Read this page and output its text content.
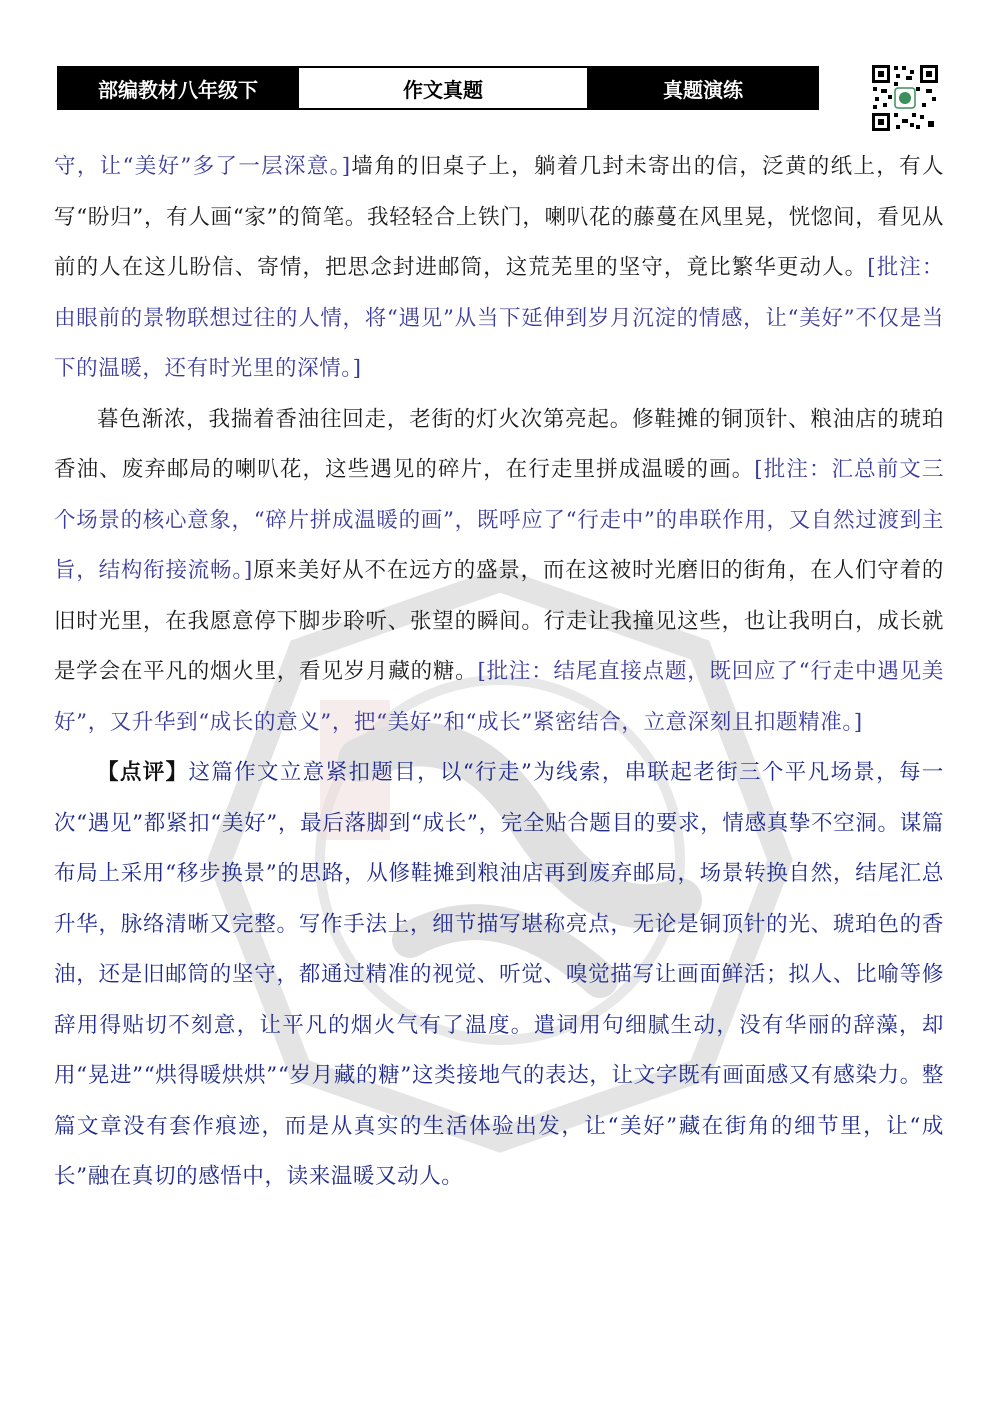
部编教材八年级下	作文真题	真题演练

守，让“美好”多了一层深意。]墙角的旧桌子上，躺着几封未寄出的信，泛黄的纸上，有人写“盼归”，有人画“家”的简笔。我轻轻合上铁门，喇叭花的藤蔓在风里晃，恍惚间，看见从前的人在这儿盼信、寄情，把思念封进邮筒，这荒芜里的坚守，竟比繁华更动人。[批注：由眼前的景物联想过往的人情，将“遇见”从当下延伸到岁月沉淀的情感，让“美好”不仅是当下的温暖，还有时光里的深情。]

暮色渐浓，我揣着香油往回走，老街的灯火次第亮起。修鞋摊的铜顶针、粮油店的琥珀香油、废弃邮局的喇叭花，这些遇见的碎片，在行走里拼成温暖的画。[批注：汇总前文三个场景的核心意象，“碎片拼成温暖的画”，既呼应了“行走中”的串联作用，又自然过渡到主旨，结构衔接流畅。]原来美好从不在远方的盛景，而在这被时光磨旧的街角，在人们守着的旧时光里，在我愿意停下脚步聆听、张望的瞬间。行走让我撞见这些，也让我明白，成长就是学会在平凡的烟火里，看见岁月藏的糖。[批注：结尾直接点题，既回应了“行走中遇见美好”，又升华到“成长的意义”，把“美好”和“成长”紧密结合，立意深刻且扣题精准。]

【点评】这篇作文立意紧扣题目，以“行走”为线索，串联起老街三个平凡场景，每一次“遇见”都紧扣“美好”，最后落脚到“成长”，完全贴合题目的要求，情感真挚不空洞。谋篇布局上采用“移步换景”的思路，从修鞋摊到粮油店再到废弃邮局，场景转换自然，结尾汇总升华，脉络清晰又完整。写作手法上，细节描写堪称亮点，无论是铜顶针的光、琥珀色的香油，还是旧邮筒的坚守，都通过精准的视觉、听觉、嗅觉描写让画面鲜活；拟人、比喻等修辞用得贴切不刻意，让平凡的烟火气有了温度。遣词用句细腻生动，没有华丽的辞藻，却用“晃进”“烘得暖烘烘”“岁月藏的糖”这类接地气的表达，让文字既有画面感又有感染力。整篇文章没有套作痕迹，而是从真实的生活体验出发，让“美好”藏在街角的细节里，让“成长”融在真切的感悟中，读来温暖又动人。
